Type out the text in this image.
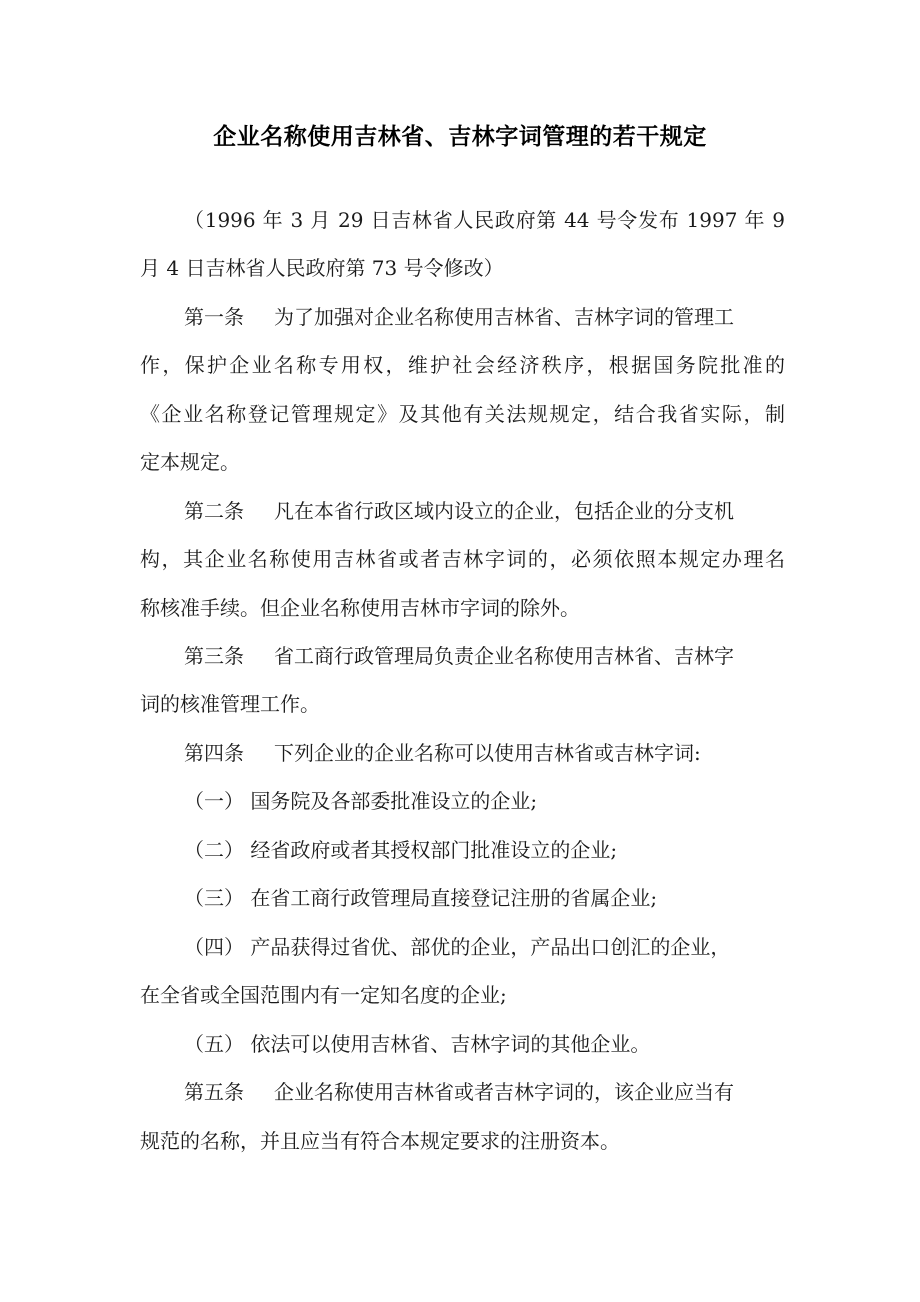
企业名称使用吉林省、吉林字词管理的若干规定
（1996 年 3 月 29 日吉林省人民政府第 44 号令发布 1997 年 9
月 4 日吉林省人民政府第 73 号令修改）
第一条 为了加强对企业名称使用吉林省、吉林字词的管理工
作，保护企业名称专用权，维护社会经济秩序，根据国务院批准的
《企业名称登记管理规定》及其他有关法规规定，结合我省实际，制
定本规定。
第二条 凡在本省行政区域内设立的企业，包括企业的分支机
构，其企业名称使用吉林省或者吉林字词的，必须依照本规定办理名
称核准手续。但企业名称使用吉林市字词的除外。
第三条 省工商行政管理局负责企业名称使用吉林省、吉林字
词的核准管理工作。
第四条 下列企业的企业名称可以使用吉林省或吉林字词:
（一） 国务院及各部委批准设立的企业;
（二） 经省政府或者其授权部门批准设立的企业;
（三） 在省工商行政管理局直接登记注册的省属企业;
（四） 产品获得过省优、部优的企业，产品出口创汇的企业，
在全省或全国范围内有一定知名度的企业;
（五） 依法可以使用吉林省、吉林字词的其他企业。
第五条 企业名称使用吉林省或者吉林字词的，该企业应当有
规范的名称，并且应当有符合本规定要求的注册资本。
